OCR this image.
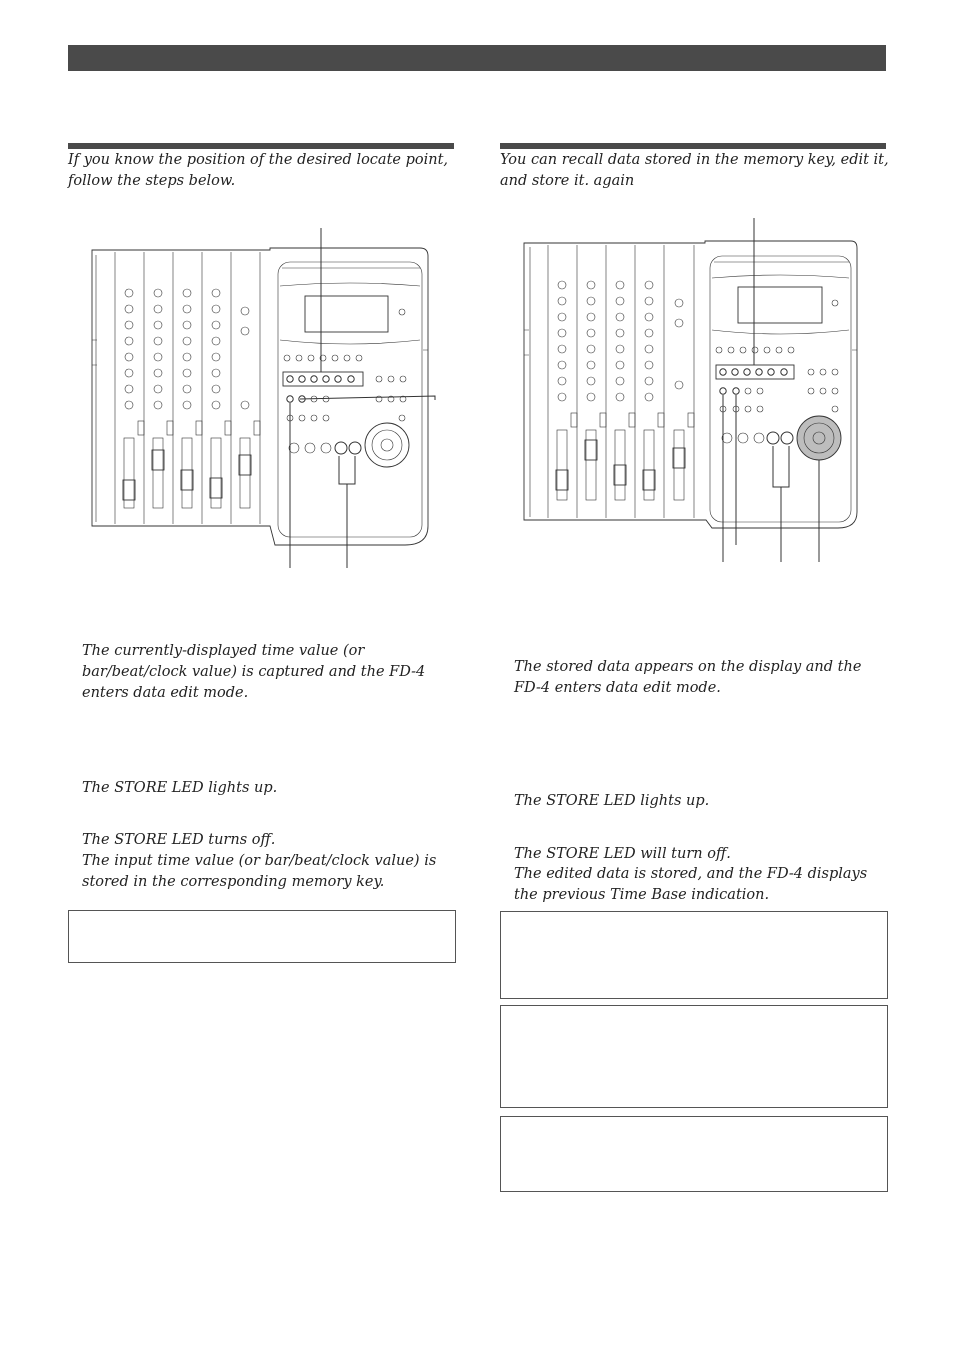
If you know the position of the desired locate point, follow the steps below.

You can recall data stored in the memory key, edit it, and store it. again

The currently-displayed time value (or bar/beat/clock value) is captured and the FD-4 enters data edit mode.

The STORE LED lights up.

The STORE LED turns off.

The input time value (or bar/beat/clock value) is stored in the corresponding memory key.

The stored data appears on the display and the FD-4 enters data edit mode.

The STORE LED lights up.

The STORE LED will turn off.

The edited data is stored, and the FD-4 displays the previous Time Base indication.
